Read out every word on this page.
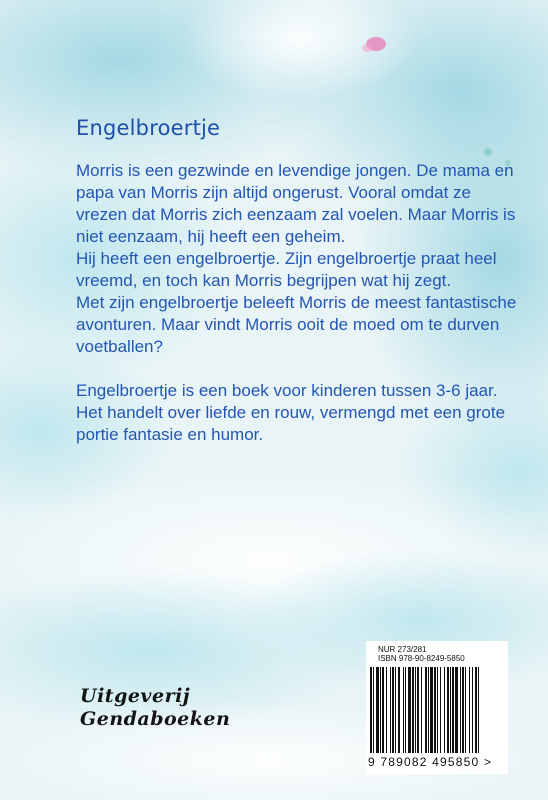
Engelbroertje

Morris is een gezwinde en levendige jongen. De mama en papa van Morris zijn altijd ongerust. Vooral omdat ze vrezen dat Morris zich eenzaam zal voelen. Maar Morris is niet eenzaam, hij heeft een geheim.

Hij heeft een engelbroertje. Zijn engelbroertje praat heel vreemd, en toch kan Morris begrijpen wat hij zegt.

Met zijn engelbroertje beleeft Morris de meest fantastische avonturen. Maar vindt Morris ooit de moed om te durven voetballen?

Engelbroertje is een boek voor kinderen tussen 3-6 jaar.

Het handelt over liefde en rouw, vermengd met een grote portie fantasie en humor.

Uitgeverij
Gendaboeken
NUR 273/281
ISBN 978-90-8249-5850
9 789082 495850 >
